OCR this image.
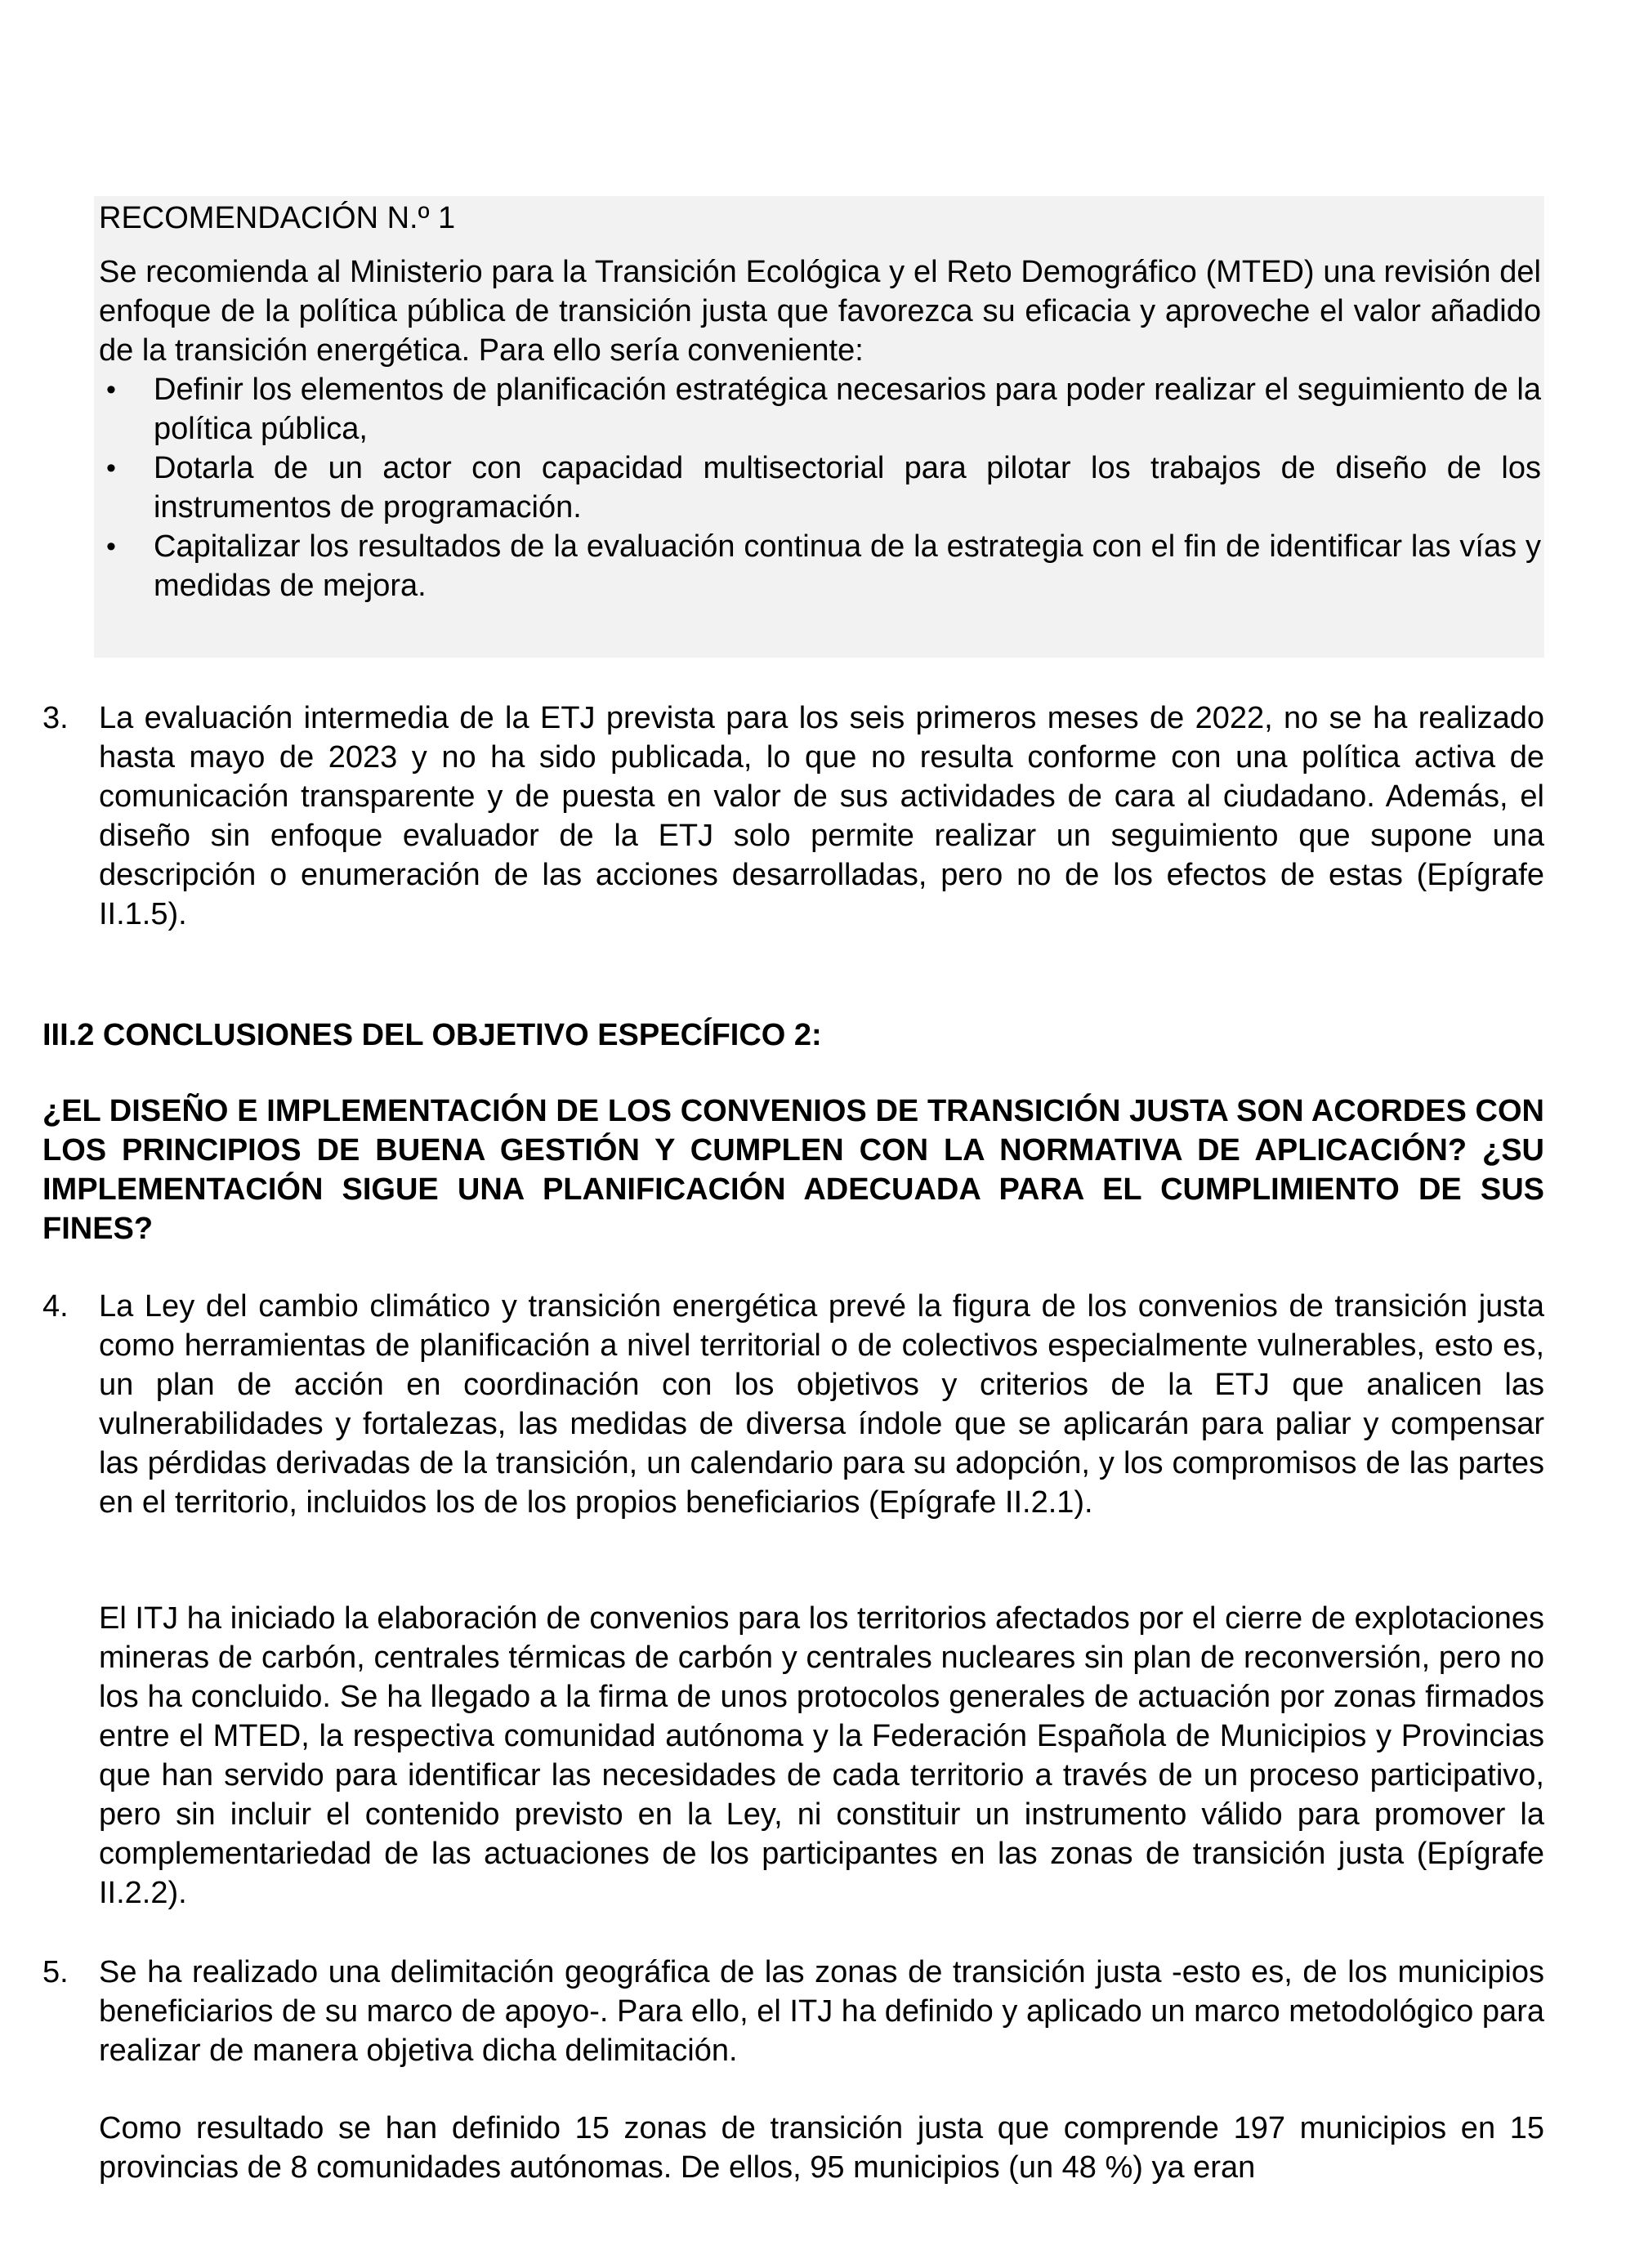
RECOMENDACIÓN N.º 1
Se recomienda al Ministerio para la Transición Ecológica y el Reto Demográfico (MTED) una revisión del enfoque de la política pública de transición justa que favorezca su eficacia y aproveche el valor añadido de la transición energética. Para ello sería conveniente:
• Definir los elementos de planificación estratégica necesarios para poder realizar el seguimiento de la política pública,
• Dotarla de un actor con capacidad multisectorial para pilotar los trabajos de diseño de los instrumentos de programación.
• Capitalizar los resultados de la evaluación continua de la estrategia con el fin de identificar las vías y medidas de mejora.
3. La evaluación intermedia de la ETJ prevista para los seis primeros meses de 2022, no se ha realizado hasta mayo de 2023 y no ha sido publicada, lo que no resulta conforme con una política activa de comunicación transparente y de puesta en valor de sus actividades de cara al ciudadano. Además, el diseño sin enfoque evaluador de la ETJ solo permite realizar un seguimiento que supone una descripción o enumeración de las acciones desarrolladas, pero no de los efectos de estas (Epígrafe II.1.5).
III.2 CONCLUSIONES DEL OBJETIVO ESPECÍFICO 2:
¿EL DISEÑO E IMPLEMENTACIÓN DE LOS CONVENIOS DE TRANSICIÓN JUSTA SON ACORDES CON LOS PRINCIPIOS DE BUENA GESTIÓN Y CUMPLEN CON LA NORMATIVA DE APLICACIÓN? ¿SU IMPLEMENTACIÓN SIGUE UNA PLANIFICACIÓN ADECUADA PARA EL CUMPLIMIENTO DE SUS FINES?
4. La Ley del cambio climático y transición energética prevé la figura de los convenios de transición justa como herramientas de planificación a nivel territorial o de colectivos especialmente vulnerables, esto es, un plan de acción en coordinación con los objetivos y criterios de la ETJ que analicen las vulnerabilidades y fortalezas, las medidas de diversa índole que se aplicarán para paliar y compensar las pérdidas derivadas de la transición, un calendario para su adopción, y los compromisos de las partes en el territorio, incluidos los de los propios beneficiarios (Epígrafe II.2.1).
El ITJ ha iniciado la elaboración de convenios para los territorios afectados por el cierre de explotaciones mineras de carbón, centrales térmicas de carbón y centrales nucleares sin plan de reconversión, pero no los ha concluido. Se ha llegado a la firma de unos protocolos generales de actuación por zonas firmados entre el MTED, la respectiva comunidad autónoma y la Federación Española de Municipios y Provincias que han servido para identificar las necesidades de cada territorio a través de un proceso participativo, pero sin incluir el contenido previsto en la Ley, ni constituir un instrumento válido para promover la complementariedad de las actuaciones de los participantes en las zonas de transición justa (Epígrafe II.2.2).
5. Se ha realizado una delimitación geográfica de las zonas de transición justa -esto es, de los municipios beneficiarios de su marco de apoyo-. Para ello, el ITJ ha definido y aplicado un marco metodológico para realizar de manera objetiva dicha delimitación.
Como resultado se han definido 15 zonas de transición justa que comprende 197 municipios en 15 provincias de 8 comunidades autónomas. De ellos, 95 municipios (un 48 %) ya eran
